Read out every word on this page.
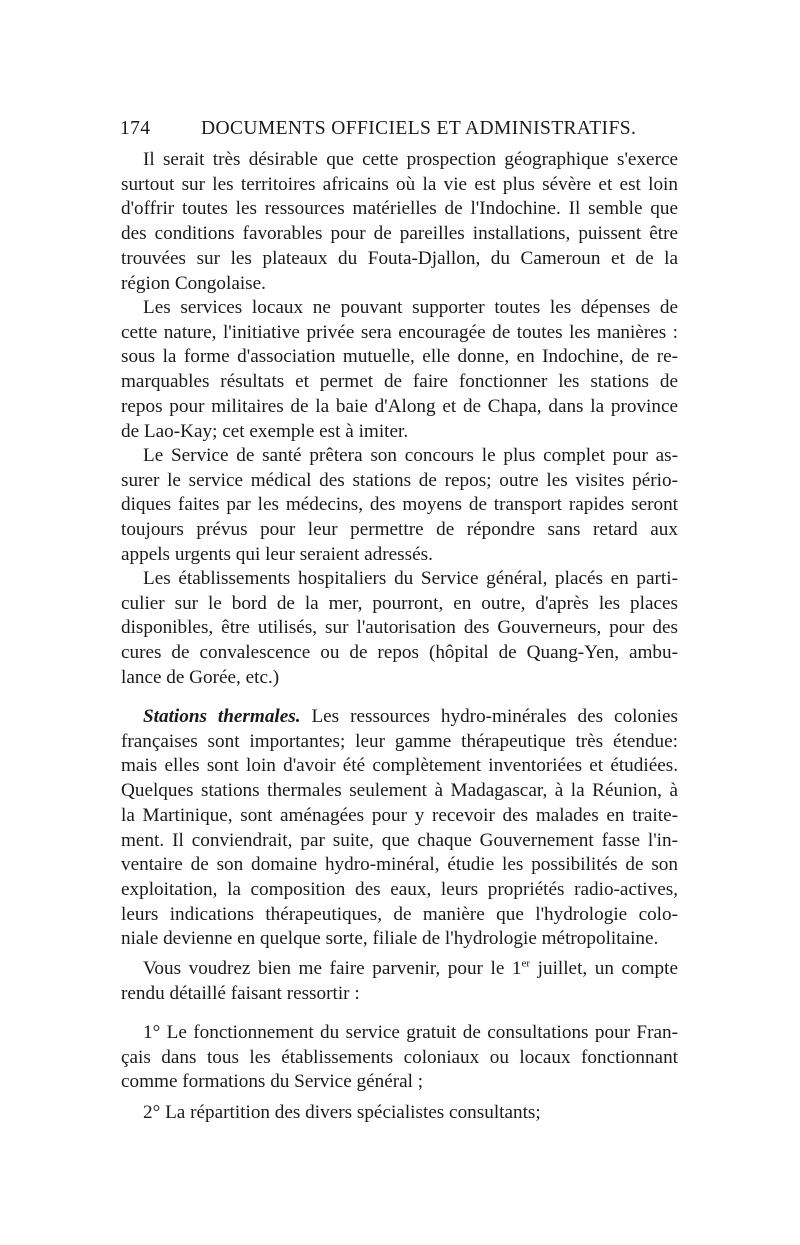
174	DOCUMENTS OFFICIELS ET ADMINISTRATIFS.
Il serait très désirable que cette prospection géographique s'exerce
surtout sur les territoires africains où la vie est plus sévère et est loin
d'offrir toutes les ressources matérielles de l'Indochine. Il semble que
des conditions favorables pour de pareilles installations, puissent être
trouvées sur les plateaux du Fouta-Djallon, du Cameroun et de la
région Congolaise.
Les services locaux ne pouvant supporter toutes les dépenses de
cette nature, l'initiative privée sera encouragée de toutes les manières :
sous la forme d'association mutuelle, elle donne, en Indochine, de re-
marquables résultats et permet de faire fonctionner les stations de
repos pour militaires de la baie d'Along et de Chapa, dans la province
de Lao-Kay; cet exemple est à imiter.
Le Service de santé prêtera son concours le plus complet pour as-
surer le service médical des stations de repos; outre les visites pério-
diques faites par les médecins, des moyens de transport rapides seront
toujours prévus pour leur permettre de répondre sans retard aux
appels urgents qui leur seraient adressés.
Les établissements hospitaliers du Service général, placés en parti-
culier sur le bord de la mer, pourront, en outre, d'après les places
disponibles, être utilisés, sur l'autorisation des Gouverneurs, pour des
cures de convalescence ou de repos (hôpital de Quang-Yen, ambu-
lance de Gorée, etc.)
Stations thermales. Les ressources hydro-minérales des colonies
françaises sont importantes; leur gamme thérapeutique très étendue:
mais elles sont loin d'avoir été complètement inventoriées et étudiées.
Quelques stations thermales seulement à Madagascar, à la Réunion, à
la Martinique, sont aménagées pour y recevoir des malades en traite-
ment. Il conviendrait, par suite, que chaque Gouvernement fasse l'in-
ventaire de son domaine hydro-minéral, étudie les possibilités de son
exploitation, la composition des eaux, leurs propriétés radio-actives,
leurs indications thérapeutiques, de manière que l'hydrologie colo-
niale devienne en quelque sorte, filiale de l'hydrologie métropolitaine.
Vous voudrez bien me faire parvenir, pour le 1er juillet, un compte
rendu détaillé faisant ressortir :
1° Le fonctionnement du service gratuit de consultations pour Fran-
çais dans tous les établissements coloniaux ou locaux fonctionnant
comme formations du Service général ;
2° La répartition des divers spécialistes consultants;
